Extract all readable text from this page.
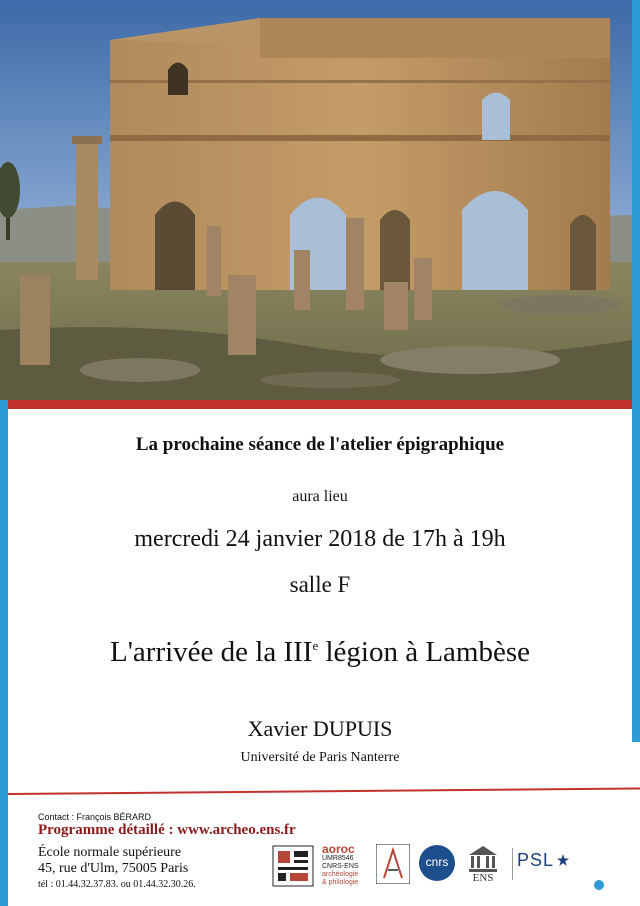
La prochaine séance de l'atelier épigraphique
aura lieu
mercredi 24 janvier 2018 de 17h à 19h
salle F
L'arrivée de la IIIe légion à Lambèse
Xavier DUPUIS
Université de Paris Nanterre
Contact : François BÉRARD
Programme détaillé : www.archeo.ens.fr
École normale supérieure
45, rue d'Ulm, 75005 Paris
tél : 01.44.32.37.83. ou 01.44.32.30.26.
aoroc
UMR8546
CNRS-ENS
archéologie
& philologie
cnrs
ENS
PSL
